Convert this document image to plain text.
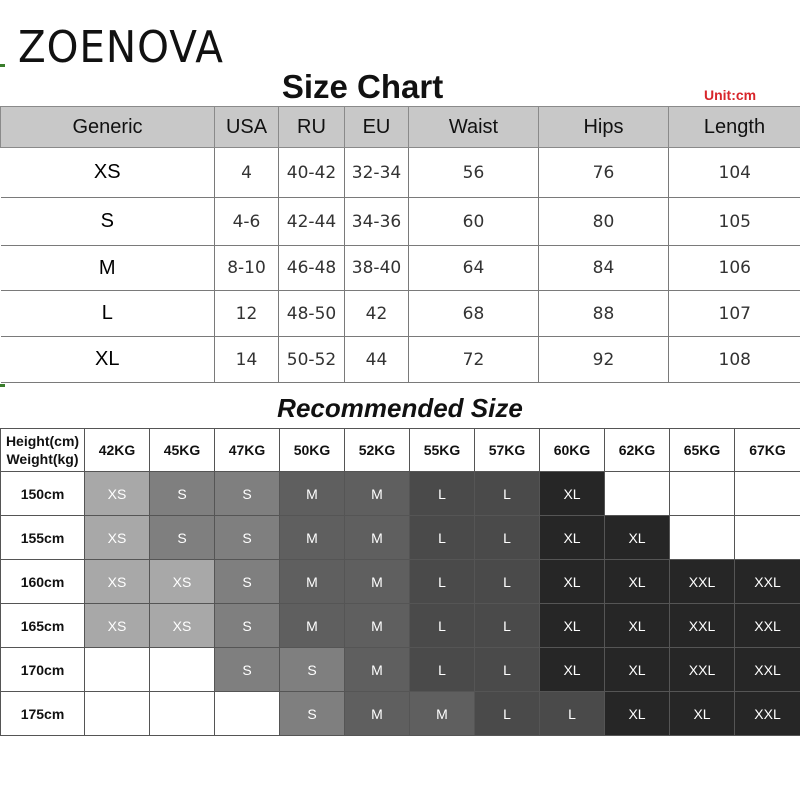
ZOENOVA
Size Chart	Unit:cm
Generic	USA	RU	EU	Waist	Hips	Length
XS	4	40-42	32-34	56	76	104
S	4-6	42-44	34-36	60	80	105
M	8-10	46-48	38-40	64	84	106
L	12	48-50	42	68	88	107
XL	14	50-52	44	72	92	108
Recommended Size
Height(cm)
Weight(kg)	42KG	45KG	47KG	50KG	52KG	55KG	57KG	60KG	62KG	65KG	67KG
150cm	XS	S	S	M	M	L	L	XL			
155cm	XS	S	S	M	M	L	L	XL	XL		
160cm	XS	XS	S	M	M	L	L	XL	XL	XXL	XXL
165cm	XS	XS	S	M	M	L	L	XL	XL	XXL	XXL
170cm			S	S	M	L	L	XL	XL	XXL	XXL
175cm				S	M	M	L	L	XL	XL	XXL
